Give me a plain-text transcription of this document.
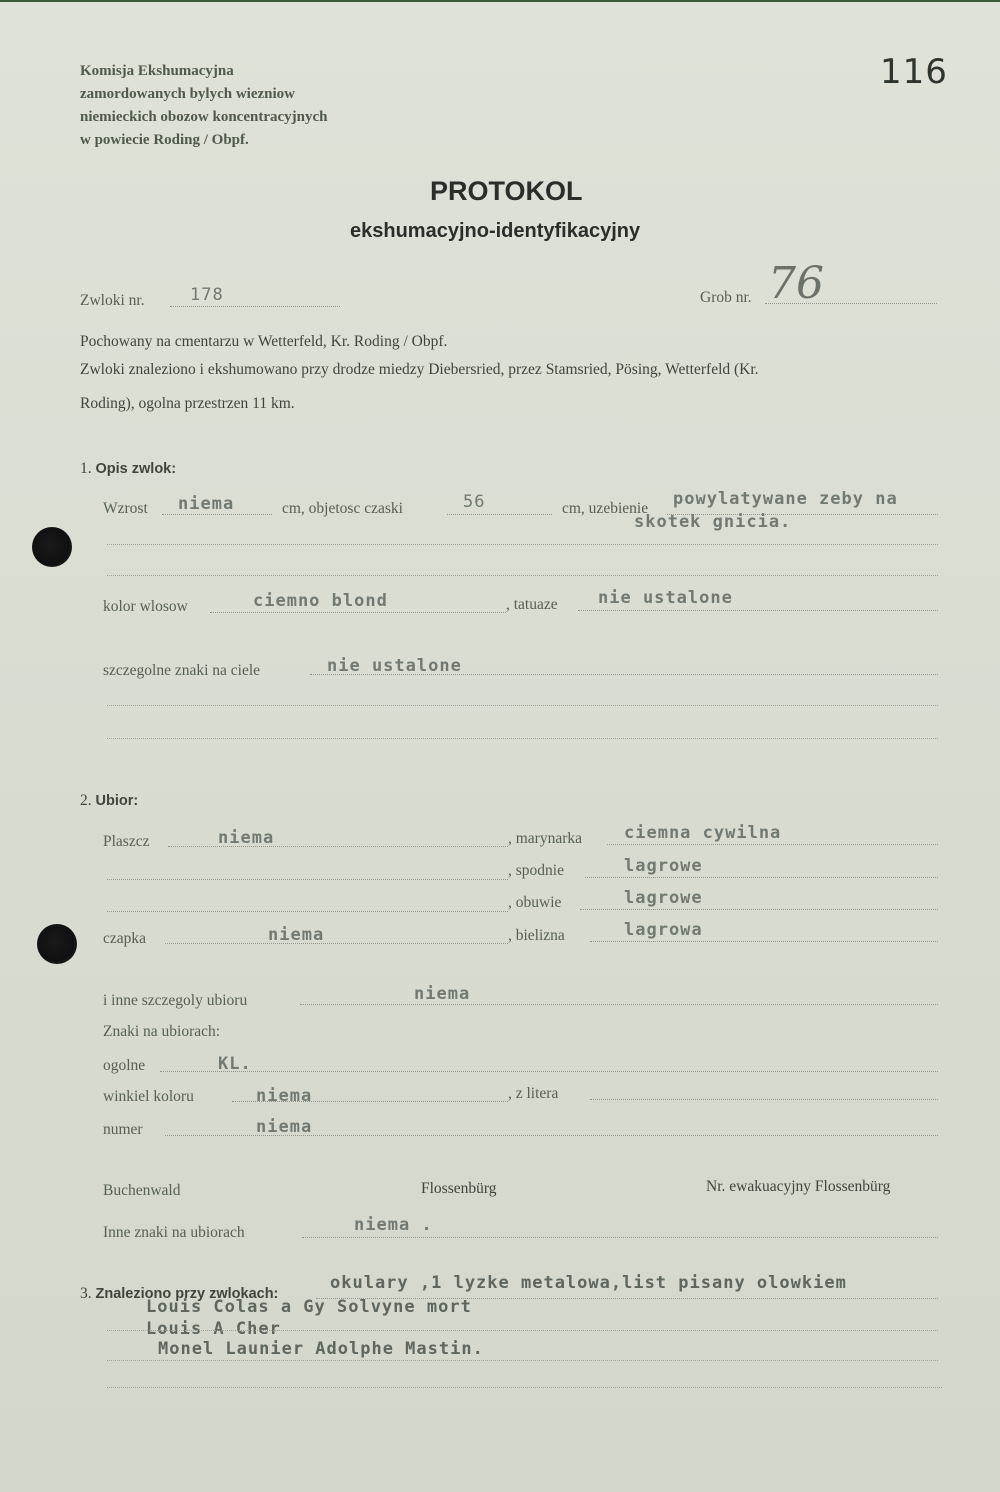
Komisja Ekshumacyjna
zamordowanych bylych wiezniow
niemieckich obozow koncentracyjnych
w powiecie Roding / Obpf.
116
PROTOKOL
ekshumacyjno-identyfikacyjny
Zwloki nr.	178	Grob nr. 76
Pochowany na cmentarzu w Wetterfeld, Kr. Roding / Obpf.
Zwloki znaleziono i ekshumowano przy drodze miedzy Diebersried, przez Stamsried, Pösing, Wetterfeld (Kr.
Roding), ogolna przestrzen 11 km.
1. Opis zwlok:
Wzrost niema	cm, objetosc czaski	56	cm, uzebienie powylatywane zeby na
skotek gnicia.
kolor wlosow	ciemno blond	, tatuaze nie ustalone
szczegolne znaki na ciele	nie ustalone
2. Ubior:
Plaszcz	niema	, marynarka ciemna cywilna
, spodnie	lagrowe
, obuwie	lagrowe
czapka	niema	, bielizna	lagrowa
i inne szczegoly ubioru	niema
Znaki na ubiorach:
ogolne	KL.
winkiel koloru	niema	, z litera
numer	niema
Buchenwald	Flossenbürg	Nr. ewakuacyjny Flossenbürg
Inne znaki na ubiorach	niema .
3. Znaleziono przy zwlokach:
okulary ,1 lyzke metalowa,list pisany olowkiem
Louis Colas a Gy Solvyne mort
Louis A Cher
Monel Launier Adolphe Mastin.
